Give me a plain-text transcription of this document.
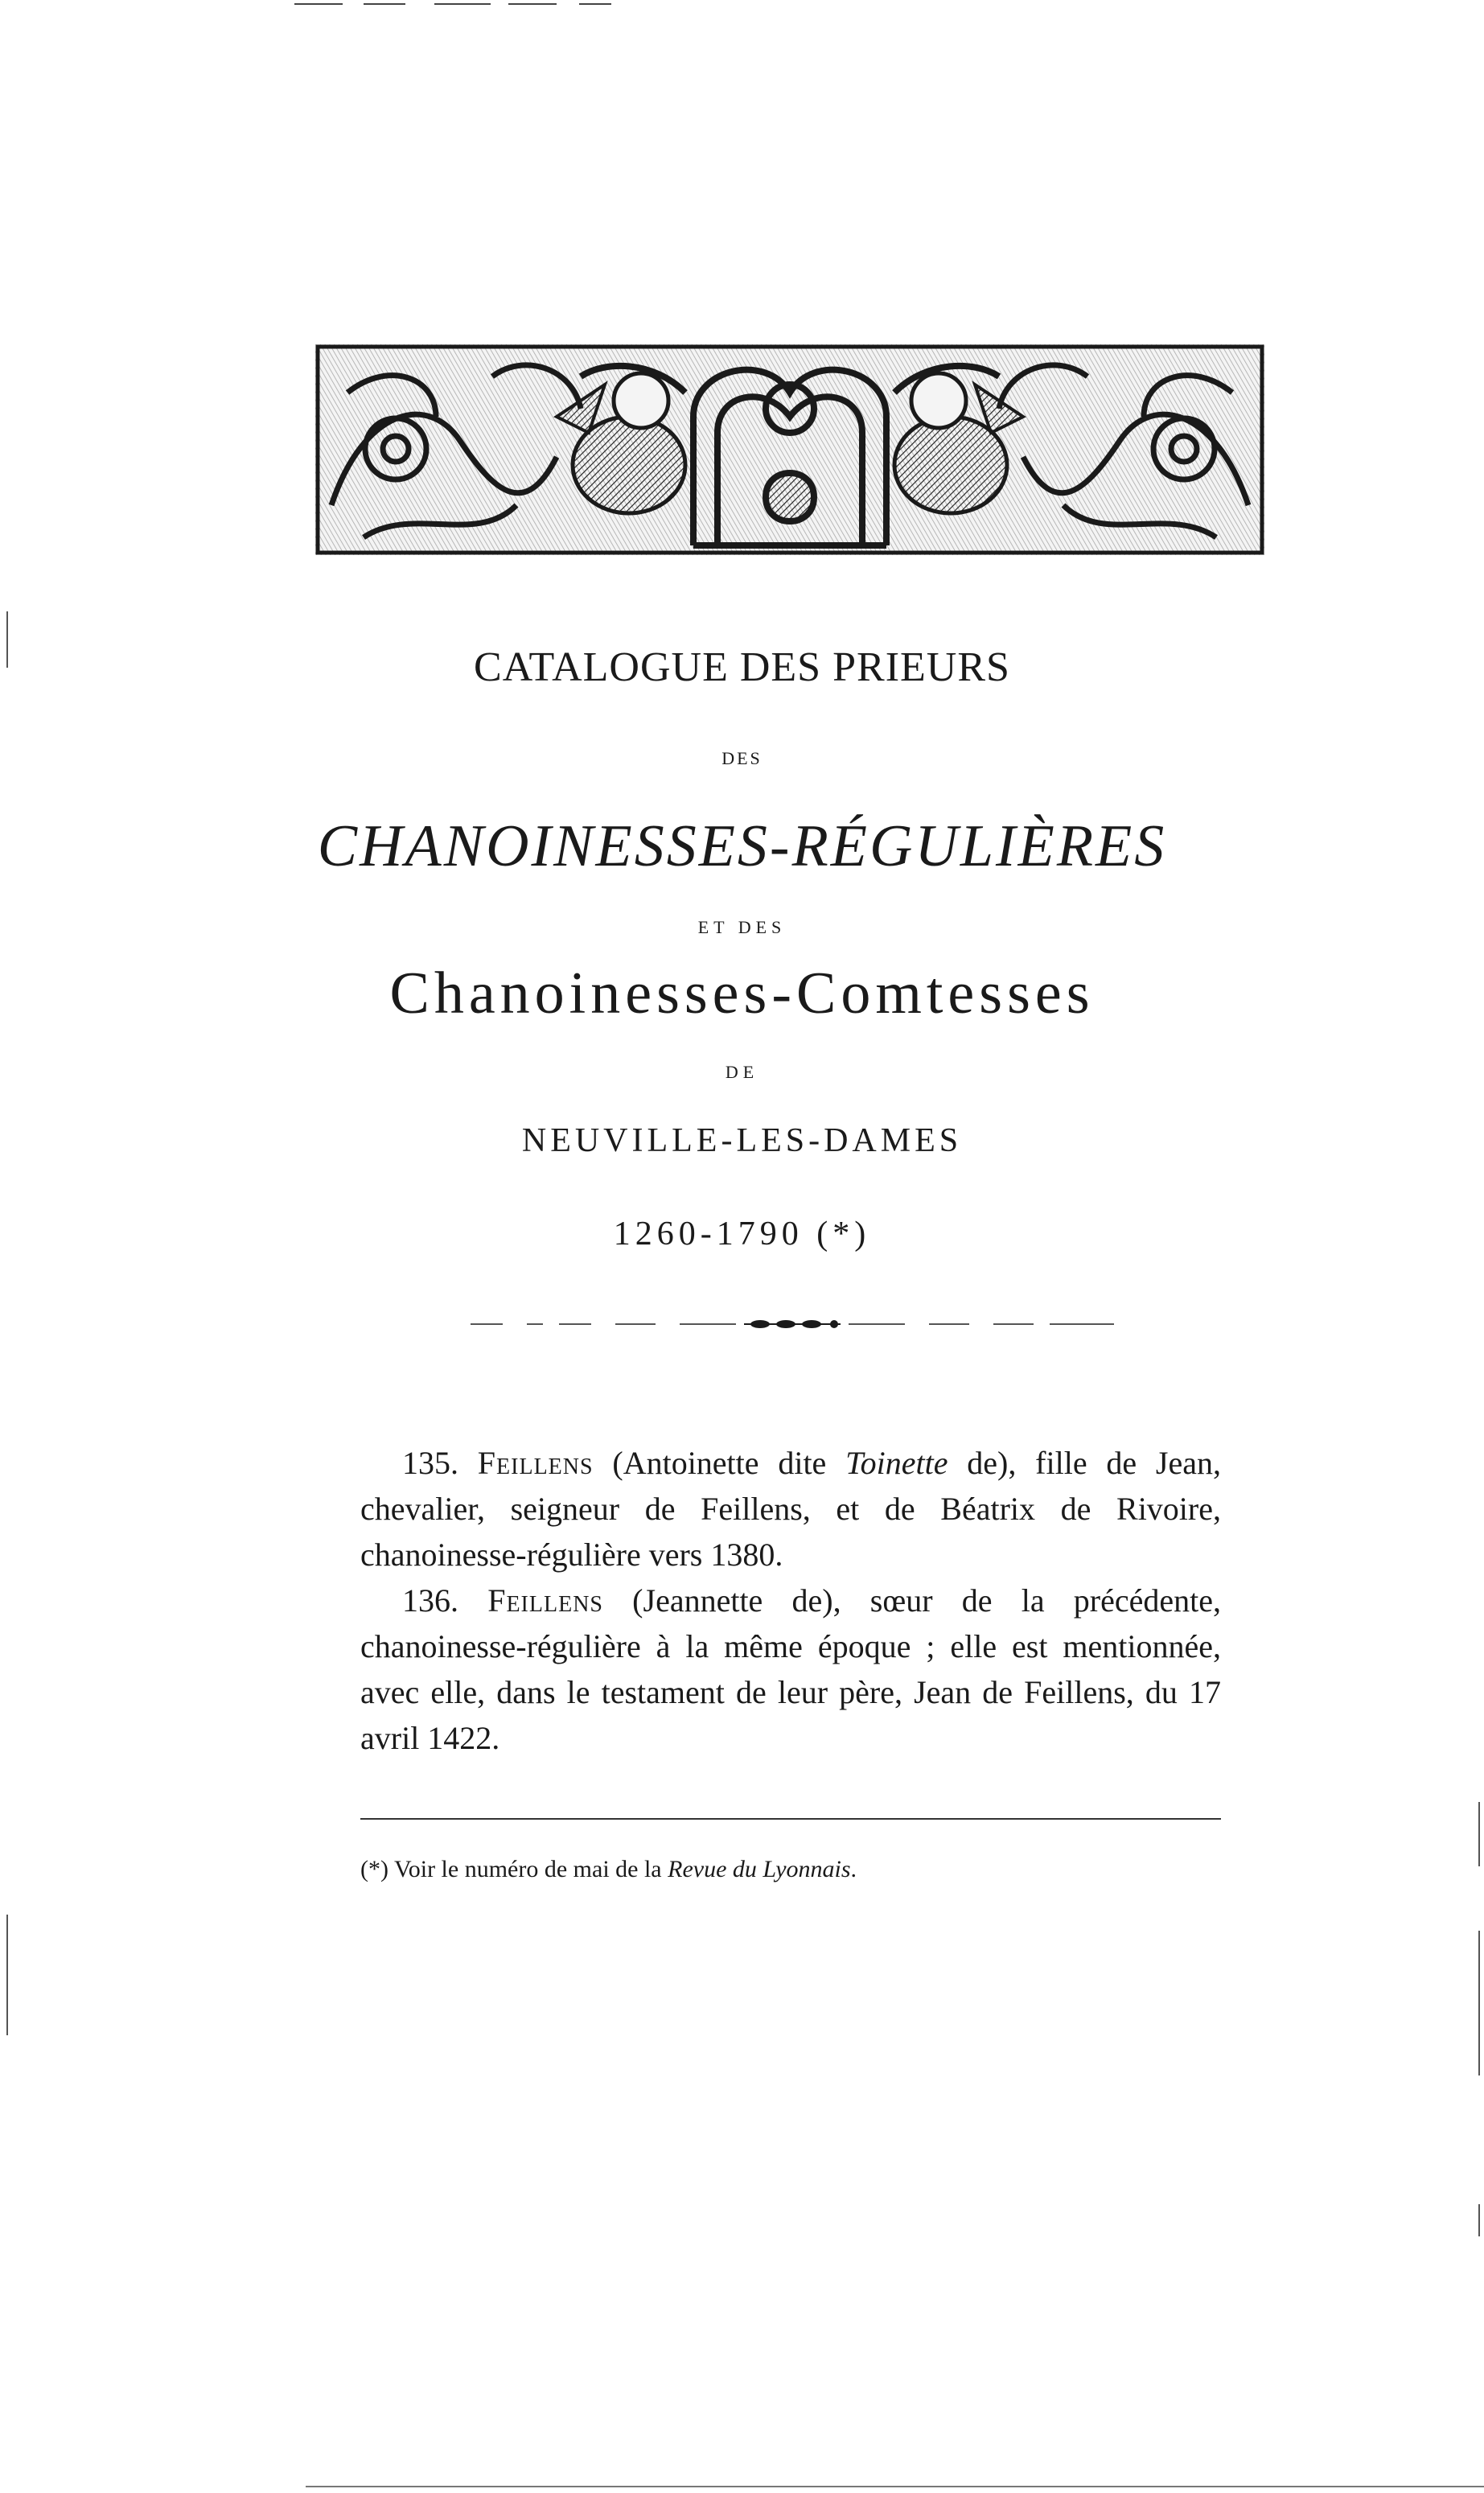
CATALOGUE DES PRIEURS
DES
CHANOINESSES-RÉGULIÈRES
ET DES
Chanoinesses-Comtesses
DE
NEUVILLE-LES-DAMES
1260-1790 (*)

135. Feillens (Antoinette dite Toinette de), fille de Jean, chevalier, seigneur de Feillens, et de Béatrix de Rivoire, chanoinesse-régulière vers 1380.

136. Feillens (Jeannette de), sœur de la précédente, chanoinesse-régulière à la même époque ; elle est mentionnée, avec elle, dans le testament de leur père, Jean de Feillens, du 17 avril 1422.

(*) Voir le numéro de mai de la Revue du Lyonnais.
